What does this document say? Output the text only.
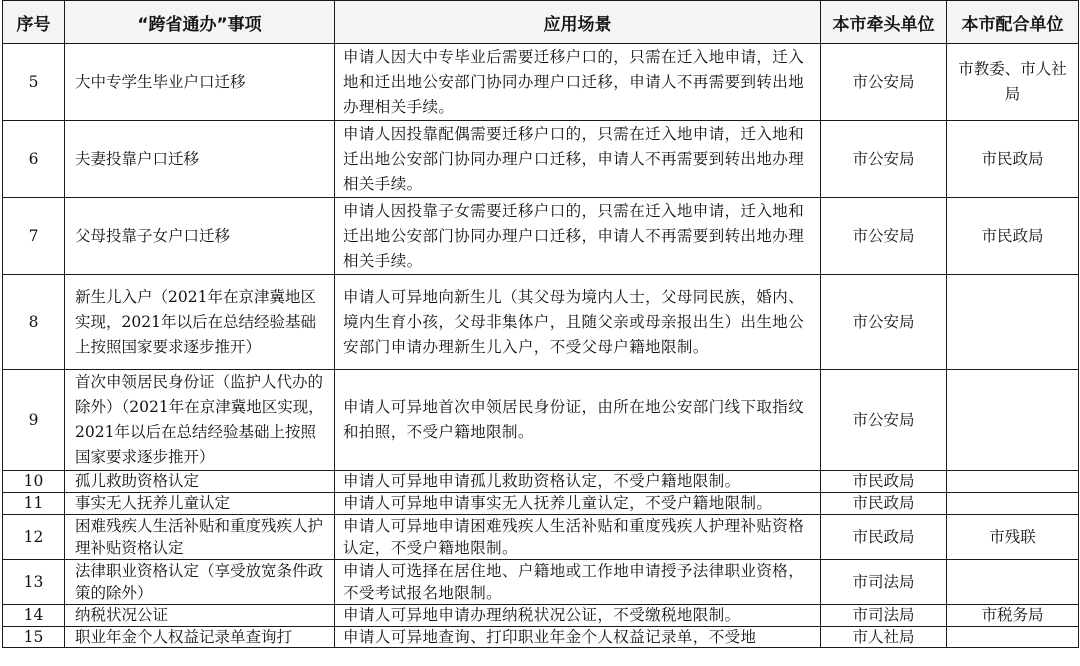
序号	“跨省通办”事项	应用场景	本市牵头单位	本市配合单位
5	大中专学生毕业户口迁移	申请人因大中专毕业后需要迁移户口的，只需在迁入地申请，迁入地和迁出地公安部门协同办理户口迁移，申请人不再需要到转出地办理相关手续。	市公安局	市教委、市人社局
6	夫妻投靠户口迁移	申请人因投靠配偶需要迁移户口的，只需在迁入地申请，迁入地和迁出地公安部门协同办理户口迁移，申请人不再需要到转出地办理相关手续。	市公安局	市民政局
7	父母投靠子女户口迁移	申请人因投靠子女需要迁移户口的，只需在迁入地申请，迁入地和迁出地公安部门协同办理户口迁移，申请人不再需要到转出地办理相关手续。	市公安局	市民政局
8	新生儿入户（2021年在京津冀地区实现，2021年以后在总结经验基础上按照国家要求逐步推开）	申请人可异地向新生儿（其父母为境内人士，父母同民族，婚内、境内生育小孩，父母非集体户，且随父亲或母亲报出生）出生地公安部门申请办理新生儿入户，不受父母户籍地限制。	市公安局	
9	首次申领居民身份证（监护人代办的除外）（2021年在京津冀地区实现，2021年以后在总结经验基础上按照国家要求逐步推开）	申请人可异地首次申领居民身份证，由所在地公安部门线下取指纹和拍照，不受户籍地限制。	市公安局	
10	孤儿救助资格认定	申请人可异地申请孤儿救助资格认定，不受户籍地限制。	市民政局	
11	事实无人抚养儿童认定	申请人可异地申请事实无人抚养儿童认定，不受户籍地限制。	市民政局	
12	困难残疾人生活补贴和重度残疾人护理补贴资格认定	申请人可异地申请困难残疾人生活补贴和重度残疾人护理补贴资格认定，不受户籍地限制。	市民政局	市残联
13	法律职业资格认定（享受放宽条件政策的除外）	申请人可选择在居住地、户籍地或工作地申请授予法律职业资格，不受考试报名地限制。	市司法局	
14	纳税状况公证	申请人可异地申请办理纳税状况公证，不受缴税地限制。	市司法局	市税务局
15	职业年金个人权益记录单查询打	申请人可异地查询、打印职业年金个人权益记录单，不受地	市人社局	
